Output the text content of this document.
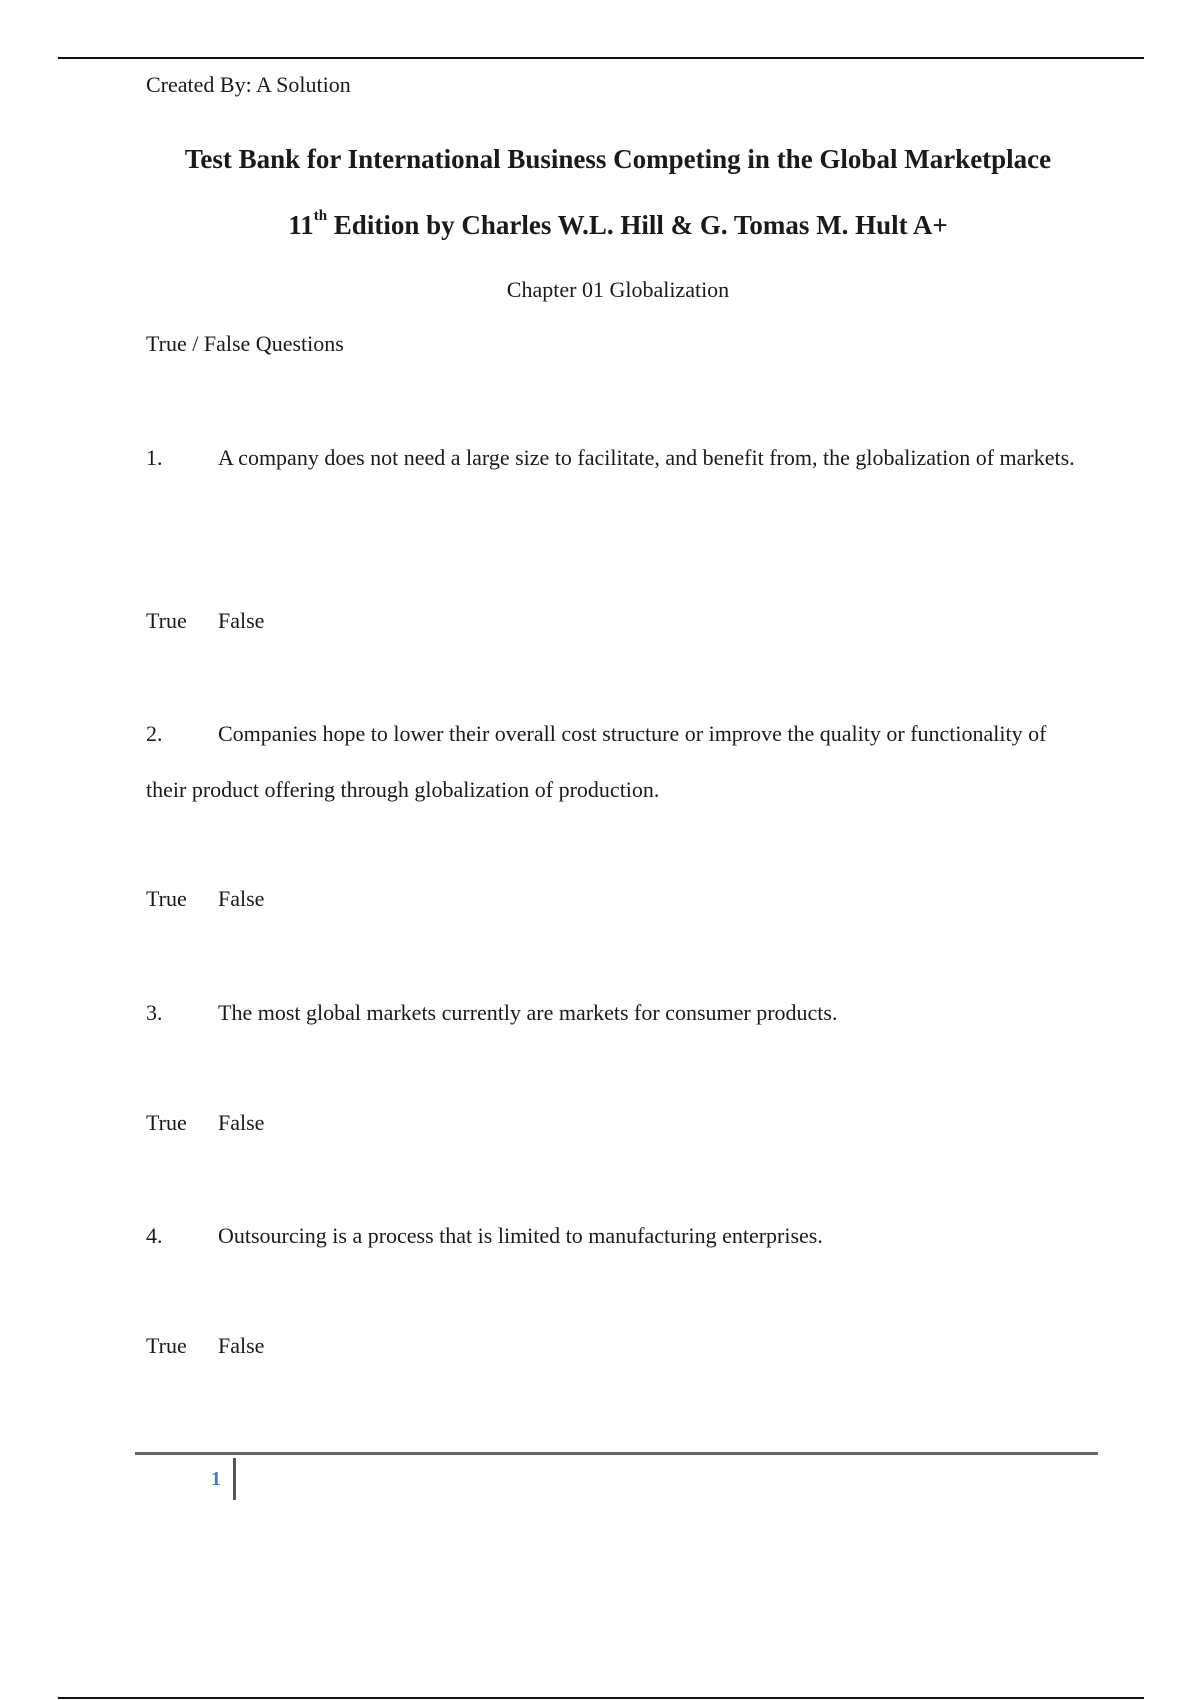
Created By: A Solution
Test Bank for International Business Competing in the Global Marketplace
11th Edition by Charles W.L. Hill & G. Tomas M. Hult A+
Chapter 01 Globalization
True / False Questions
1.	A company does not need a large size to facilitate, and benefit from, the globalization of markets.
True False
2.	Companies hope to lower their overall cost structure or improve the quality or functionality of their product offering through globalization of production.
True False
3.	The most global markets currently are markets for consumer products.
True False
4.	Outsourcing is a process that is limited to manufacturing enterprises.
True False
1
